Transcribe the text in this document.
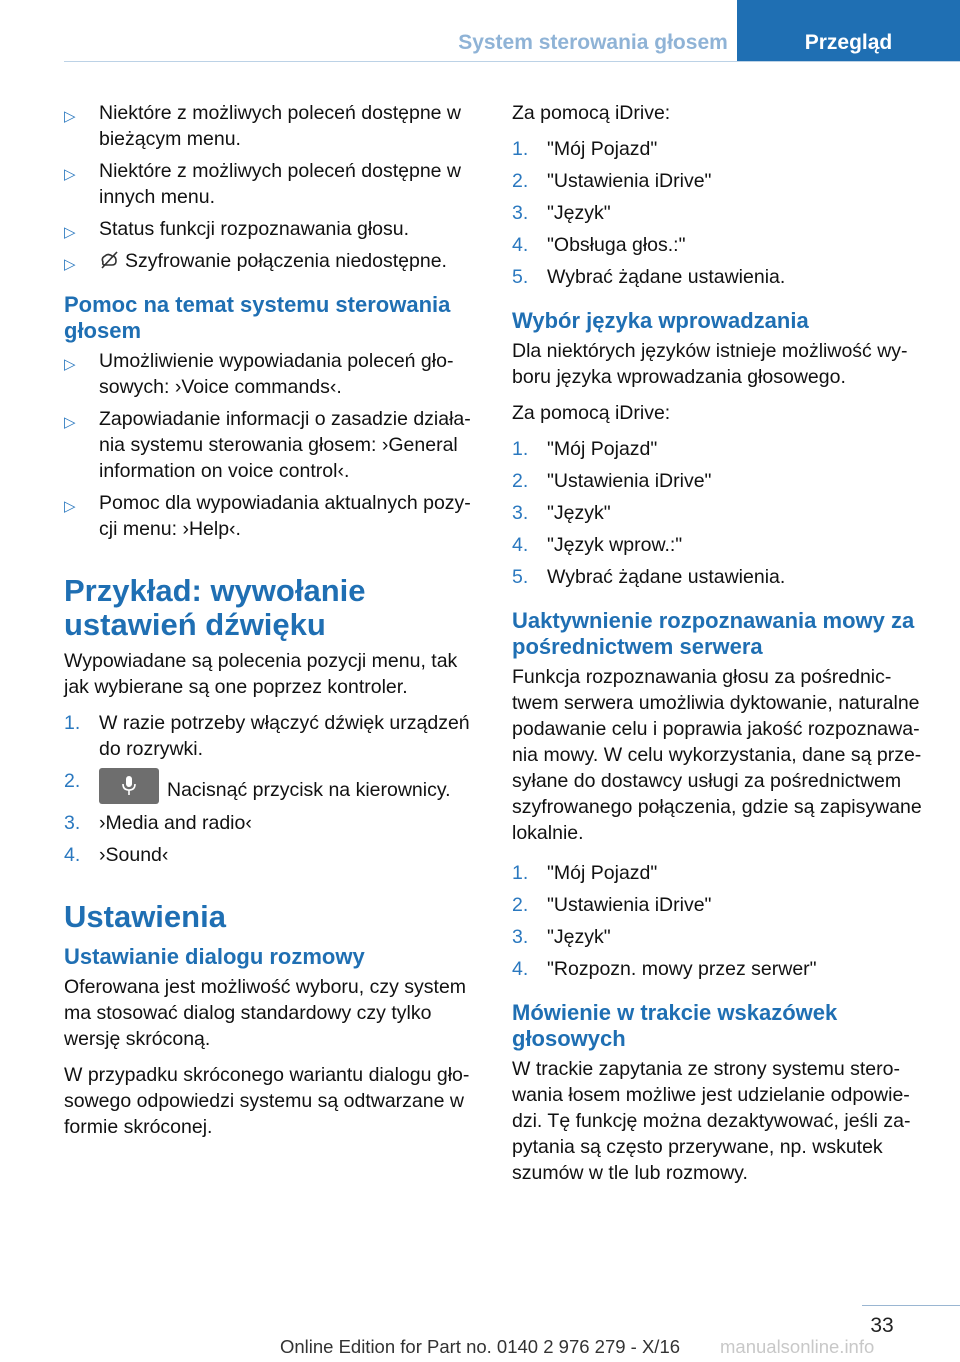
System sterowania głosem	Przegląd
▷ Niektóre z możliwych poleceń dostępne w bieżącym menu.
▷ Niektóre z możliwych poleceń dostępne w innych menu.
▷ Status funkcji rozpoznawania głosu.
▷	Szyfrowanie połączenia niedostępne.
Pomoc na temat systemu sterowania głosem
▷ Umożliwienie wypowiadania poleceń gło-sowych: ›Voice commands‹.
▷ Zapowiadanie informacji o zasadzie działa-nia systemu sterowania głosem: ›General information on voice control‹.
▷ Pomoc dla wypowiadania aktualnych pozy-cji menu: ›Help‹.
Przykład: wywołanie ustawień dźwięku

Wypowiadane są polecenia pozycji menu, tak jak wybierane są one poprzez kontroler.

1. W razie potrzeby włączyć dźwięk urządzeń do rozrywki.
2.	Nacisnąć przycisk na kierownicy.
3. ›Media and radio‹
4. ›Sound‹
Ustawienia
Ustawianie dialogu rozmowy

Oferowana jest możliwość wyboru, czy system ma stosować dialog standardowy czy tylko wersję skróconą.

W przypadku skróconego wariantu dialogu gło-sowego odpowiedzi systemu są odtwarzane w formie skróconej.

Za pomocą iDrive:

1. "Mój Pojazd"
2. "Ustawienia iDrive"
3. "Język"
4. "Obsługa głos.:"
5. Wybrać żądane ustawienia.
Wybór języka wprowadzania

Dla niektórych języków istnieje możliwość wy-boru języka wprowadzania głosowego.

Za pomocą iDrive:

1. "Mój Pojazd"
2. "Ustawienia iDrive"
3. "Język"
4. "Język wprow.:"
5. Wybrać żądane ustawienia.
Uaktywnienie rozpoznawania mowy za pośrednictwem serwera

Funkcja rozpoznawania głosu za pośrednic-twem serwera umożliwia dyktowanie, naturalne podawanie celu i poprawia jakość rozpoznawa-nia mowy. W celu wykorzystania, dane są prze-syłane do dostawcy usługi za pośrednictwem szyfrowanego połączenia, gdzie są zapisywane lokalnie.

1. "Mój Pojazd"
2. "Ustawienia iDrive"
3. "Język"
4. "Rozpozn. mowy przez serwer"
Mówienie w trakcie wskazówek głosowych

W trackie zapytania ze strony systemu stero-wania łosem możliwe jest udzielanie odpowie-dzi. Tę funkcję można dezaktywować, jeśli za-pytania są często przerywane, np. wskutek szumów w tle lub rozmowy.

33
Online Edition for Part no. 0140 2 976 279 - X/16	manualsonline.info
